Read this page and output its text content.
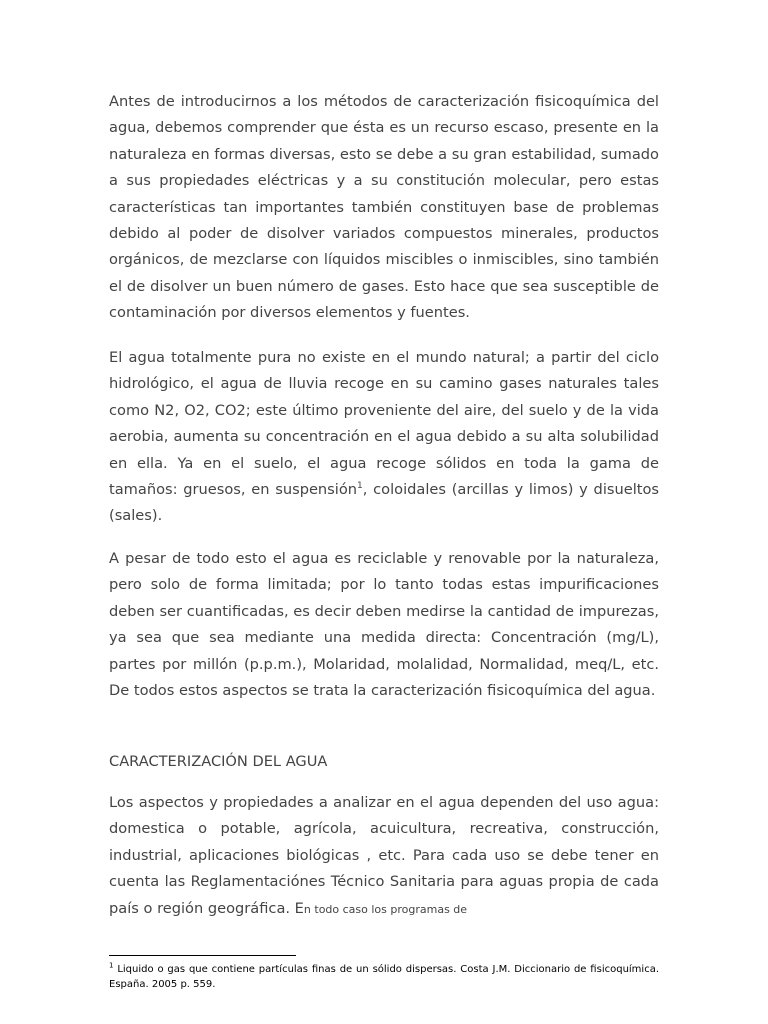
Antes de introducirnos a los métodos de caracterización fisicoquímica del agua, debemos comprender que ésta es un recurso escaso, presente en la naturaleza en formas diversas, esto se debe a su gran estabilidad, sumado a sus propiedades eléctricas y a su constitución molecular, pero estas características tan importantes también constituyen base de problemas debido al poder de disolver variados compuestos minerales, productos orgánicos, de mezclarse con líquidos miscibles o inmiscibles, sino también el de disolver un buen número de gases. Esto hace que sea susceptible de contaminación por diversos elementos y fuentes.

El agua totalmente pura no existe en el mundo natural; a partir del ciclo hidrológico, el agua de lluvia recoge en su camino gases naturales tales como N2, O2, CO2; este último proveniente del aire, del suelo y de la vida aerobia, aumenta su concentración en el agua debido a su alta solubilidad en ella. Ya en el suelo, el agua recoge sólidos en toda la gama de tamaños: gruesos, en suspensión$^1$, coloidales (arcillas y limos) y disueltos (sales).

A pesar de todo esto el agua es reciclable y renovable por la naturaleza, pero solo de forma limitada; por lo tanto todas estas impurificaciones deben ser cuantificadas, es decir deben medirse la cantidad de impurezas, ya sea que sea mediante una medida directa: Concentración (mg/L), partes por millón (p.p.m.), Molaridad, molalidad, Normalidad, meq/L, etc. De todos estos aspectos se trata la caracterización fisicoquímica del agua.

CARACTERIZACIÓN DEL AGUA

Los aspectos y propiedades a analizar en el agua dependen del uso agua: domestica o potable, agrícola, acuicultura, recreativa, construcción, industrial, aplicaciones biológicas , etc. Para cada uso se debe tener en cuenta las Reglamentaciónes Técnico Sanitaria para aguas propia de cada país o región geográfica. En todo caso los programas de

$^1$ Liquido o gas que contiene partículas finas de un sólido dispersas. Costa J.M. Diccionario de fisicoquímica. España. 2005 p. 559.
